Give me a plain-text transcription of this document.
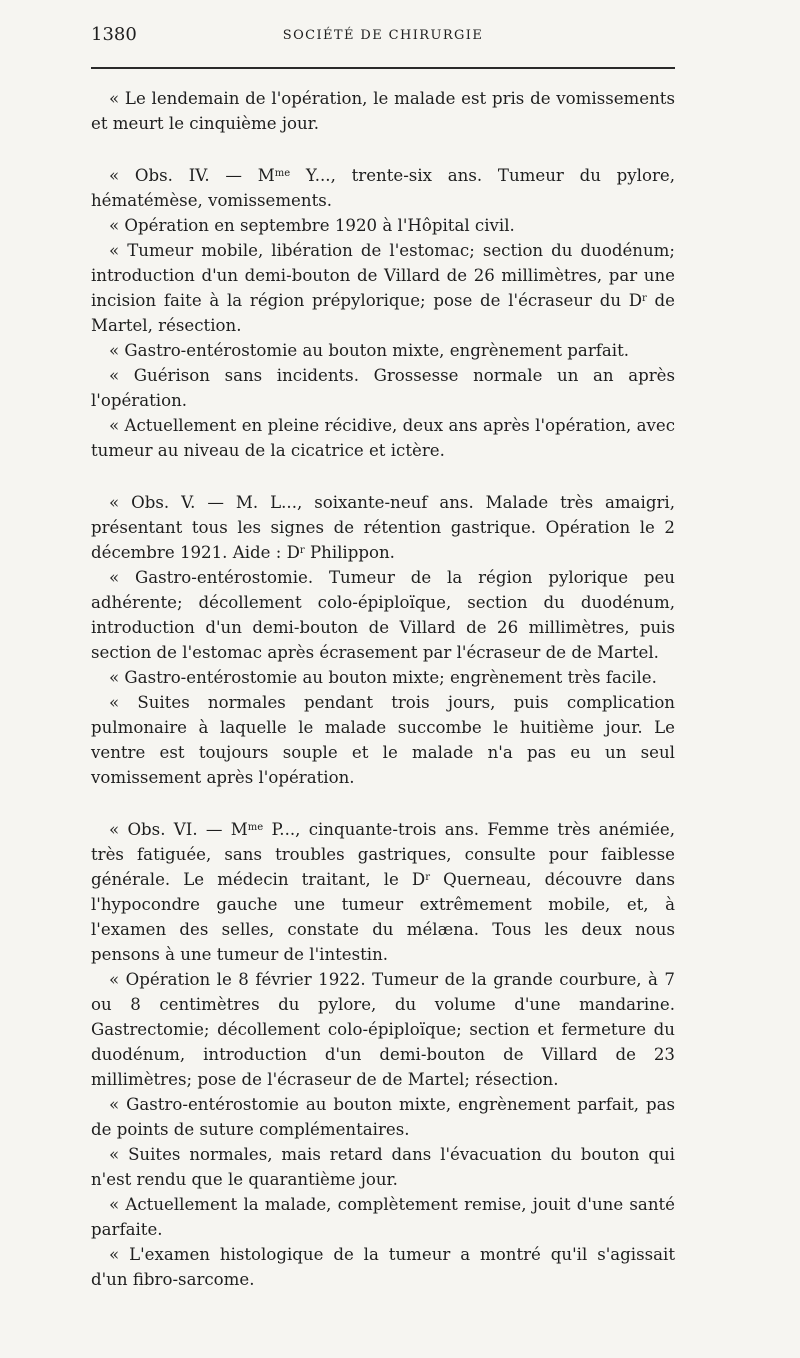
1380	SOCIÉTÉ DE CHIRURGIE

« Le lendemain de l'opération, le malade est pris de vomissements et meurt le cinquième jour.

« Obs. IV. — $M^{me}$ Y..., trente-six ans. Tumeur du pylore, hématémèse, vomissements.

« Opération en septembre 1920 à l'Hôpital civil.

« Tumeur mobile, libération de l'estomac; section du duodénum; introduction d'un demi-bouton de Villard de 26 millimètres, par une incision faite à la région prépylorique; pose de l'écraseur du $D^r$ de Martel, résection.

« Gastro-entérostomie au bouton mixte, engrènement parfait.

« Guérison sans incidents. Grossesse normale un an après l'opération.

« Actuellement en pleine récidive, deux ans après l'opération, avec tumeur au niveau de la cicatrice et ictère.

« Obs. V. — M. L..., soixante-neuf ans. Malade très amaigri, présentant tous les signes de rétention gastrique. Opération le 2 décembre 1921. Aide : $D^r$ Philippon.

« Gastro-entérostomie. Tumeur de la région pylorique peu adhérente; décollement colo-épiploïque, section du duodénum, introduction d'un demi-bouton de Villard de 26 millimètres, puis section de l'estomac après écrasement par l'écraseur de de Martel.

« Gastro-entérostomie au bouton mixte; engrènement très facile.

« Suites normales pendant trois jours, puis complication pulmonaire à laquelle le malade succombe le huitième jour. Le ventre est toujours souple et le malade n'a pas eu un seul vomissement après l'opération.

« Obs. VI. — $M^{me}$ P..., cinquante-trois ans. Femme très anémiée, très fatiguée, sans troubles gastriques, consulte pour faiblesse générale. Le médecin traitant, le $D^r$ Querneau, découvre dans l'hypocondre gauche une tumeur extrêmement mobile, et, à l'examen des selles, constate du mélæna. Tous les deux nous pensons à une tumeur de l'intestin.

« Opération le 8 février 1922. Tumeur de la grande courbure, à 7 ou 8 centimètres du pylore, du volume d'une mandarine. Gastrectomie; décollement colo-épiploïque; section et fermeture du duodénum, introduction d'un demi-bouton de Villard de 23 millimètres; pose de l'écraseur de de Martel; résection.

« Gastro-entérostomie au bouton mixte, engrènement parfait, pas de points de suture complémentaires.

« Suites normales, mais retard dans l'évacuation du bouton qui n'est rendu que le quarantième jour.

« Actuellement la malade, complètement remise, jouit d'une santé parfaite.

« L'examen histologique de la tumeur a montré qu'il s'agissait d'un fibro-sarcome.
